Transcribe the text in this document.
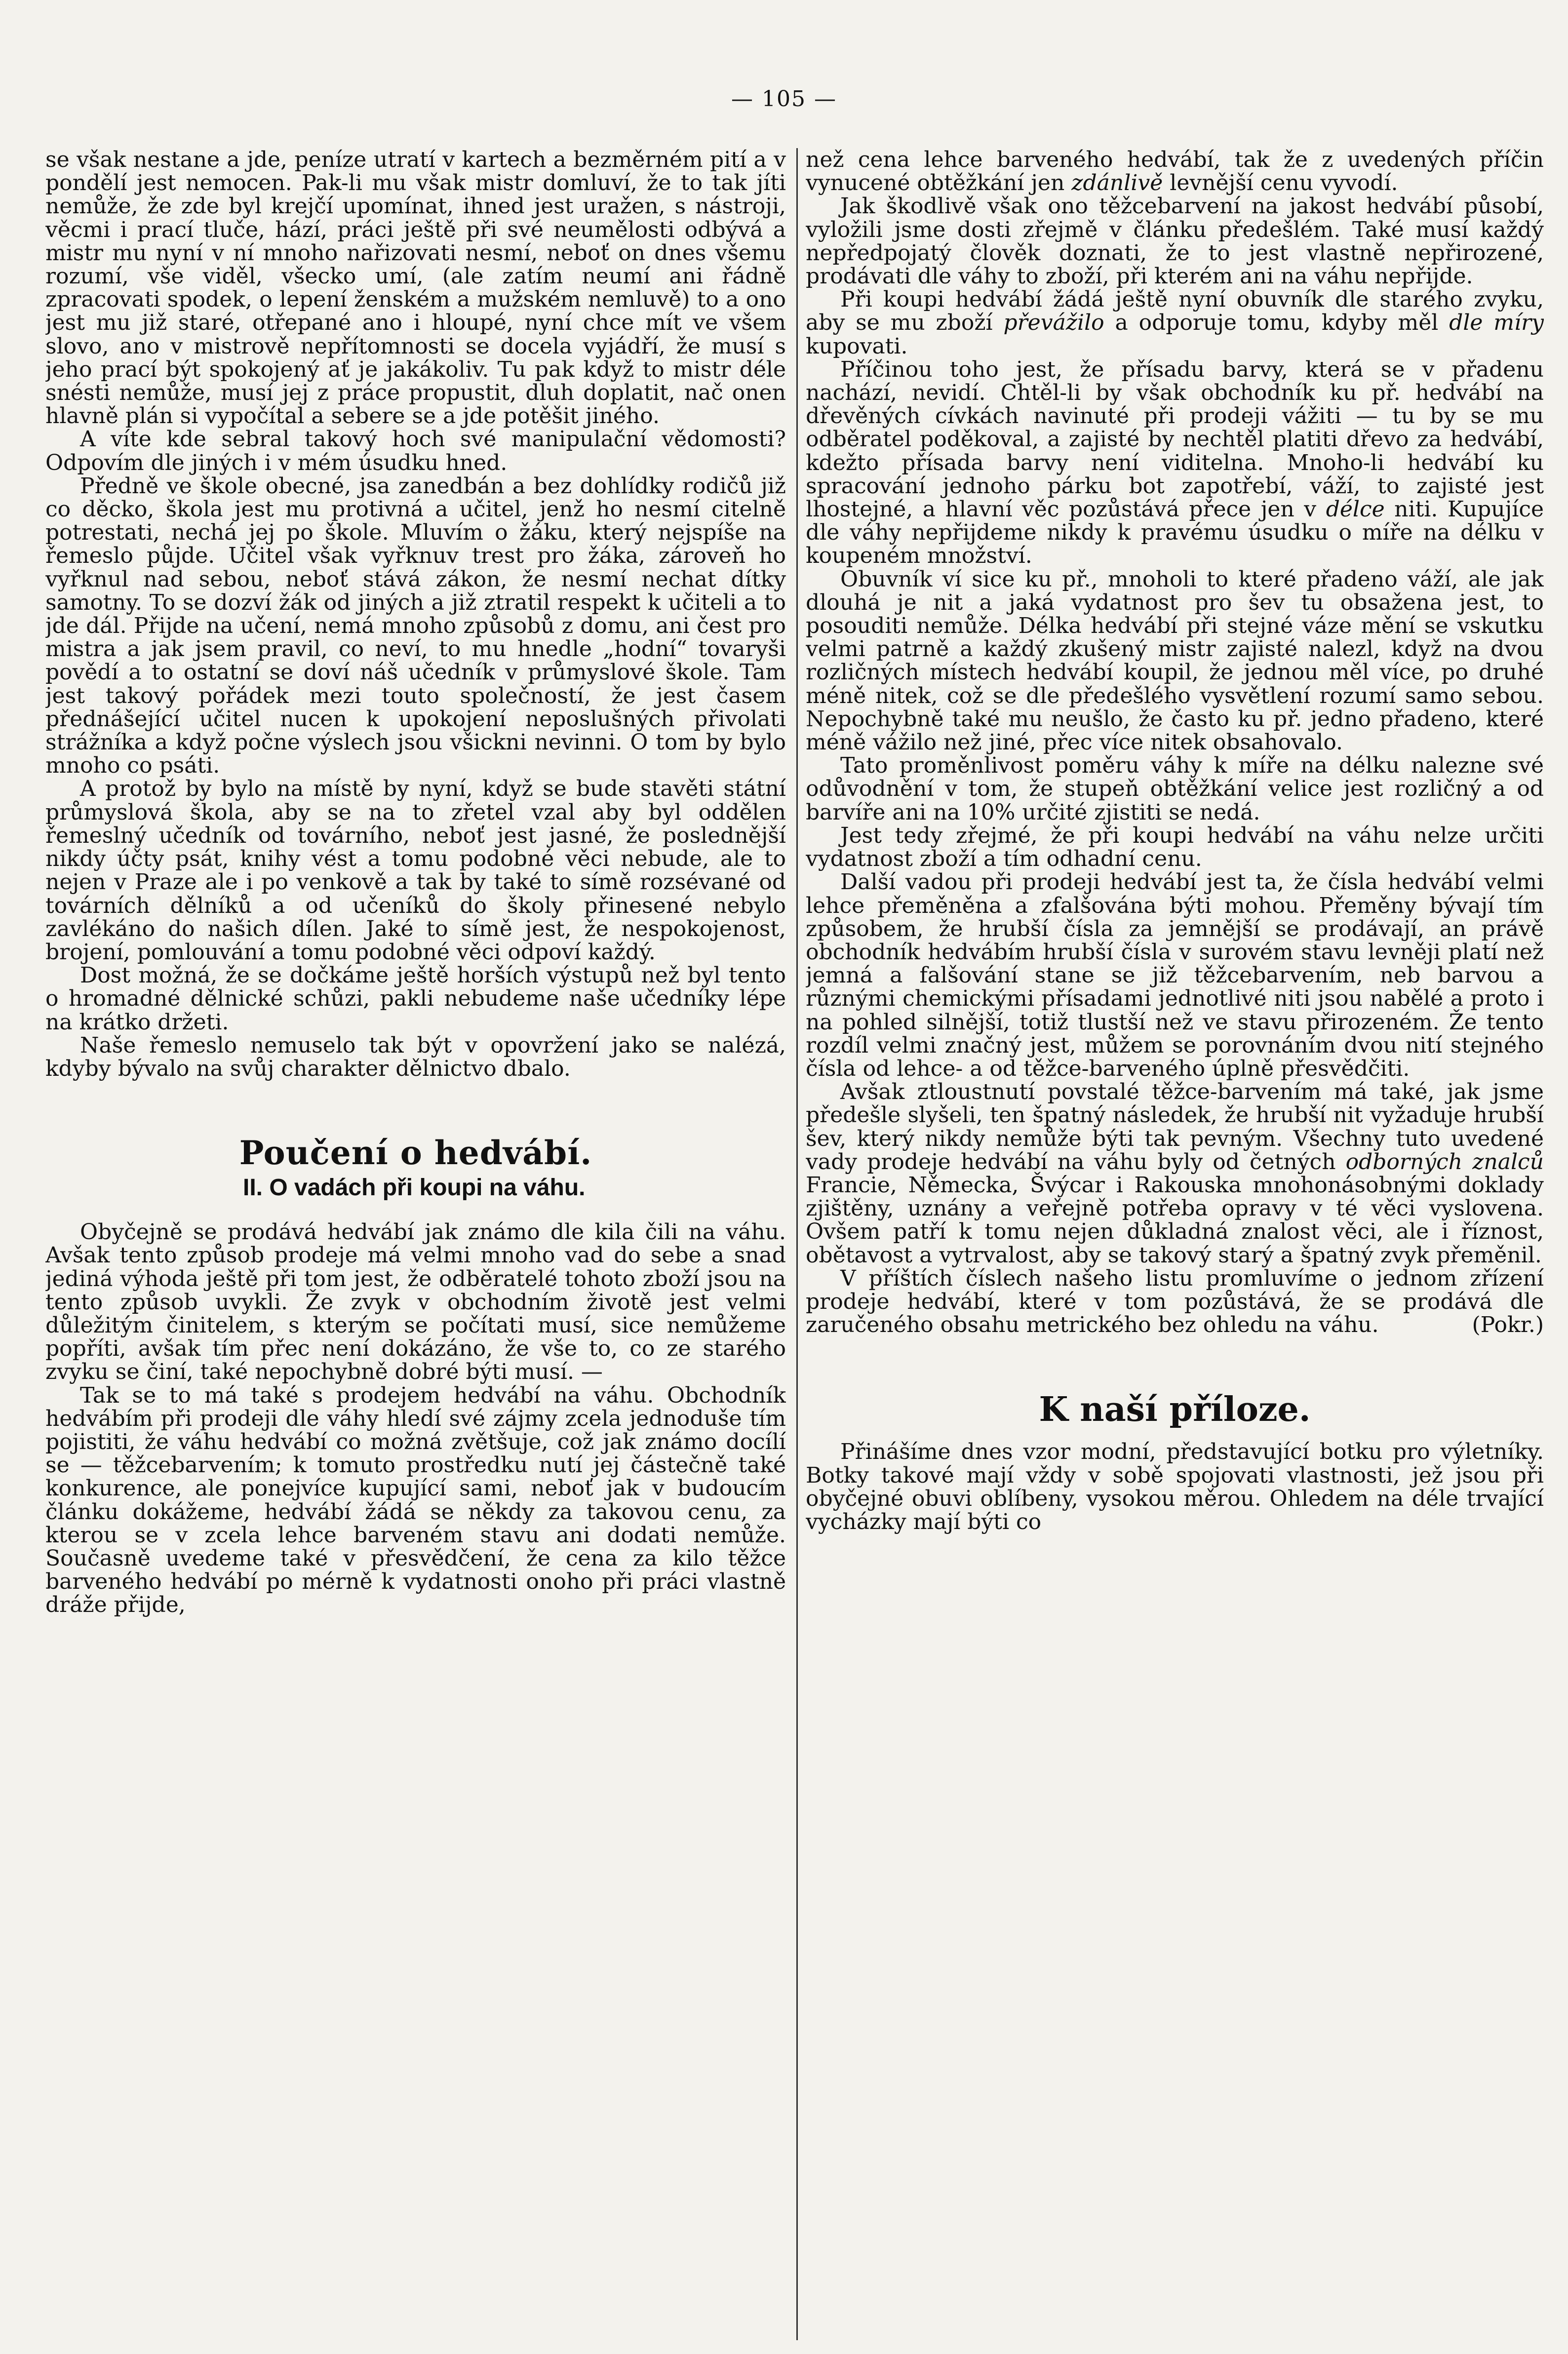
— 105 —

se však nestane a jde, peníze utratí v kartech a bezměrném pití a v pondělí jest nemocen. Pak-li mu však mistr domluví, že to tak jíti nemůže, že zde byl krejčí upomínat, ihned jest uražen, s nástroji, věcmi i prací tluče, hází, práci ještě při své neumělosti odbývá a mistr mu nyní v ní mnoho nařizovati nesmí, neboť on dnes všemu rozumí, vše viděl, všecko umí, (ale zatím neumí ani řádně zpracovati spodek, o lepení ženském a mužském nemluvě) to a ono jest mu již staré, otřepané ano i hloupé, nyní chce mít ve všem slovo, ano v mistrově nepřítomnosti se docela vyjádří, že musí s jeho prací být spokojený ať je jakákoliv. Tu pak když to mistr déle snésti nemůže, musí jej z práce propustit, dluh doplatit, nač onen hlavně plán si vypočítal a sebere se a jde potěšit jiného.

A víte kde sebral takový hoch své manipulační vědomosti? Odpovím dle jiných i v mém úsudku hned.

Předně ve škole obecné, jsa zanedbán a bez dohlídky rodičů již co děcko, škola jest mu protivná a učitel, jenž ho nesmí citelně potrestati, nechá jej po škole. Mluvím o žáku, který nejspíše na řemeslo půjde. Učitel však vyřknuv trest pro žáka, zároveň ho vyřknul nad sebou, neboť stává zákon, že nesmí nechat dítky samotny. To se dozví žák od jiných a již ztratil respekt k učiteli a to jde dál. Přijde na učení, nemá mnoho způsobů z domu, ani čest pro mistra a jak jsem pravil, co neví, to mu hnedle „hodní“ tovaryši povědí a to ostatní se doví náš učedník v průmyslové škole. Tam jest takový pořádek mezi touto společností, že jest časem přednášející učitel nucen k upokojení neposlušných přivolati strážníka a když počne výslech jsou všickni nevinni. O tom by bylo mnoho co psáti.

A protož by bylo na místě by nyní, když se bude stavěti státní průmyslová škola, aby se na to zřetel vzal aby byl oddělen řemeslný učedník od továrního, neboť jest jasné, že poslednější nikdy účty psát, knihy vést a tomu podobné věci nebude, ale to nejen v Praze ale i po venkově a tak by také to símě rozsévané od továrních dělníků a od učeníků do školy přinesené nebylo zavlékáno do našich dílen. Jaké to símě jest, že nespokojenost, brojení, pomlouvání a tomu podobné věci odpoví každý.

Dost možná, že se dočkáme ještě horších výstupů než byl tento o hromadné dělnické schůzi, pakli nebudeme naše učedníky lépe na krátko držeti.

Naše řemeslo nemuselo tak být v opovržení jako se nalézá, kdyby bývalo na svůj charakter dělnictvo dbalo.

Poučení o hedvábí.
II. O vadách při koupi na váhu.

Obyčejně se prodává hedvábí jak známo dle kila čili na váhu. Avšak tento způsob prodeje má velmi mnoho vad do sebe a snad jediná výhoda ještě při tom jest, že odběratelé tohoto zboží jsou na tento způsob uvykli. Že zvyk v obchodním životě jest velmi důležitým činitelem, s kterým se počítati musí, sice nemůžeme popříti, avšak tím přec není dokázáno, že vše to, co ze starého zvyku se činí, také nepochybně dobré býti musí. —

Tak se to má také s prodejem hedvábí na váhu. Obchodník hedvábím při prodeji dle váhy hledí své zájmy zcela jednoduše tím pojistiti, že váhu hedvábí co možná zvětšuje, což jak známo docílí se — těžcebarvením; k tomuto prostředku nutí jej částečně také konkurence, ale ponejvíce kupující sami, neboť jak v budoucím článku dokážeme, hedvábí žádá se někdy za takovou cenu, za kterou se v zcela lehce barveném stavu ani dodati nemůže. Současně uvedeme také v přesvědčení, že cena za kilo těžce barveného hedvábí po mérně k vydatnosti onoho při práci vlastně dráže přijde,

než cena lehce barveného hedvábí, tak že z uvedených příčin vynucené obtěžkání jen zdánlivě levnější cenu vyvodí.

Jak škodlivě však ono těžcebarvení na jakost hedvábí působí, vyložili jsme dosti zřejmě v článku předešlém. Také musí každý nepředpojatý člověk doznati, že to jest vlastně nepřirozené, prodávati dle váhy to zboží, při kterém ani na váhu nepřijde.

Při koupi hedvábí žádá ještě nyní obuvník dle starého zvyku, aby se mu zboží převážilo a odporuje tomu, kdyby měl dle míry kupovati.

Příčinou toho jest, že přísadu barvy, která se v přadenu nachází, nevidí. Chtěl-li by však obchodník ku př. hedvábí na dřevěných cívkách navinuté při prodeji vážiti — tu by se mu odběratel poděkoval, a zajisté by nechtěl platiti dřevo za hedvábí, kdežto přísada barvy není viditelna. Mnoho-li hedvábí ku spracování jednoho párku bot zapotřebí, váží, to zajisté jest lhostejné, a hlavní věc pozůstává přece jen v délce niti. Kupujíce dle váhy nepřijdeme nikdy k pravému úsudku o míře na délku v koupeném množství.

Obuvník ví sice ku př., mnoholi to které přadeno váží, ale jak dlouhá je nit a jaká vydatnost pro šev tu obsažena jest, to posouditi nemůže. Délka hedvábí při stejné váze mění se vskutku velmi patrně a každý zkušený mistr zajisté nalezl, když na dvou rozličných místech hedvábí koupil, že jednou měl více, po druhé méně nitek, což se dle předešlého vysvětlení rozumí samo sebou. Nepochybně také mu neušlo, že často ku př. jedno přadeno, které méně vážilo než jiné, přec více nitek obsahovalo.

Tato proměnlivost poměru váhy k míře na délku nalezne své odůvodnění v tom, že stupeň obtěžkání velice jest rozličný a od barvíře ani na 10% určité zjistiti se nedá.

Jest tedy zřejmé, že při koupi hedvábí na váhu nelze určiti vydatnost zboží a tím odhadní cenu.

Další vadou při prodeji hedvábí jest ta, že čísla hedvábí velmi lehce přeměněna a zfalšována býti mohou. Přeměny bývají tím způsobem, že hrubší čísla za jemnější se prodávají, an právě obchodník hedvábím hrubší čísla v surovém stavu levněji platí než jemná a falšování stane se již těžcebarvením, neb barvou a různými chemickými přísadami jednotlivé niti jsou nabělé a proto i na pohled silnější, totiž tlustší než ve stavu přirozeném. Že tento rozdíl velmi značný jest, můžem se porovnáním dvou nití stejného čísla od lehce- a od těžce-barveného úplně přesvědčiti.

Avšak ztloustnutí povstalé těžce-barvením má také, jak jsme předešle slyšeli, ten špatný následek, že hrubší nit vyžaduje hrubší šev, který nikdy nemůže býti tak pevným. Všechny tuto uvedené vady prodeje hedvábí na váhu byly od četných odborných znalců Francie, Německa, Švýcar i Rakouska mnohonásobnými doklady zjištěny, uznány a veřejně potřeba opravy v té věci vyslovena. Ovšem patří k tomu nejen důkladná znalost věci, ale i říznost, obětavost a vytrvalost, aby se takový starý a špatný zvyk přeměnil.

V příštích číslech našeho listu promluvíme o jednom zřízení prodeje hedvábí, které v tom pozůstává, že se prodává dle zaručeného obsahu metrického bez ohledu na váhu.	(Pokr.)

K naší příloze.

Přinášíme dnes vzor modní, představující botku pro výletníky. Botky takové mají vždy v sobě spojovati vlastnosti, jež jsou při obyčejné obuvi oblíbeny, vysokou měrou. Ohledem na déle trvající vycházky mají býti co
